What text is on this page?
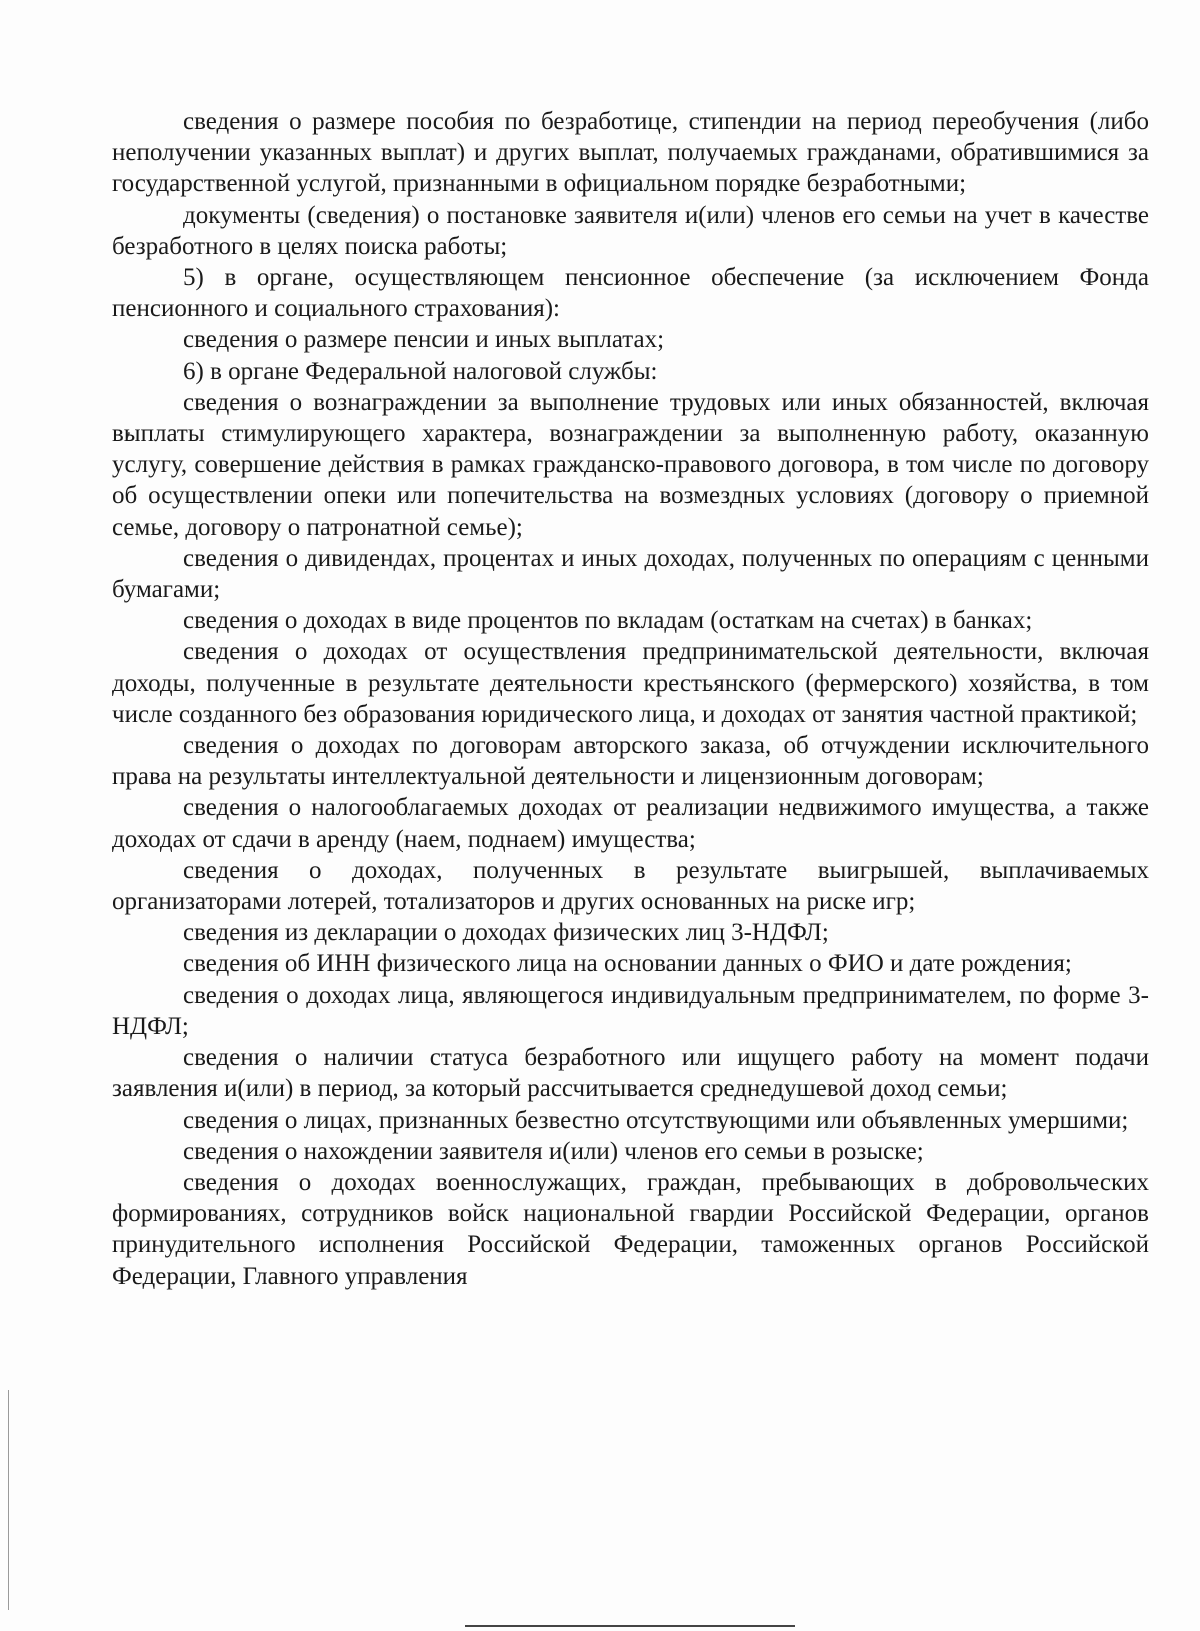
сведения о размере пособия по безработице, стипендии на период переобучения (либо неполучении указанных выплат) и других выплат, получаемых гражданами, обратившимися за государственной услугой, признанными в официальном порядке безработными;

документы (сведения) о постановке заявителя и(или) членов его семьи на учет в качестве безработного в целях поиска работы;

5) в органе, осуществляющем пенсионное обеспечение (за исключением Фонда пенсионного и социального страхования):

сведения о размере пенсии и иных выплатах;

6) в органе Федеральной налоговой службы:

сведения о вознаграждении за выполнение трудовых или иных обязанностей, включая выплаты стимулирующего характера, вознаграждении за выполненную работу, оказанную услугу, совершение действия в рамках гражданско-правового договора, в том числе по договору об осуществлении опеки или попечительства на возмездных условиях (договору о приемной семье, договору о патронатной семье);

сведения о дивидендах, процентах и иных доходах, полученных по операциям с ценными бумагами;

сведения о доходах в виде процентов по вкладам (остаткам на счетах) в банках;

сведения о доходах от осуществления предпринимательской деятельности, включая доходы, полученные в результате деятельности крестьянского (фермерского) хозяйства, в том числе созданного без образования юридического лица, и доходах от занятия частной практикой;

сведения о доходах по договорам авторского заказа, об отчуждении исключительного права на результаты интеллектуальной деятельности и лицензионным договорам;

сведения о налогооблагаемых доходах от реализации недвижимого имущества, а также доходах от сдачи в аренду (наем, поднаем) имущества;

сведения о доходах, полученных в результате выигрышей, выплачиваемых организаторами лотерей, тотализаторов и других основанных на риске игр;

сведения из декларации о доходах физических лиц 3-НДФЛ;

сведения об ИНН физического лица на основании данных о ФИО и дате рождения;

сведения о доходах лица, являющегося индивидуальным предпринимателем, по форме 3-НДФЛ;

сведения о наличии статуса безработного или ищущего работу на момент подачи заявления и(или) в период, за который рассчитывается среднедушевой доход семьи;

сведения о лицах, признанных безвестно отсутствующими или объявленных умершими;

сведения о нахождении заявителя и(или) членов его семьи в розыске;

сведения о доходах военнослужащих, граждан, пребывающих в добровольческих формированиях, сотрудников войск национальной гвардии Российской Федерации, органов принудительного исполнения Российской Федерации, таможенных органов Российской Федерации, Главного управления
